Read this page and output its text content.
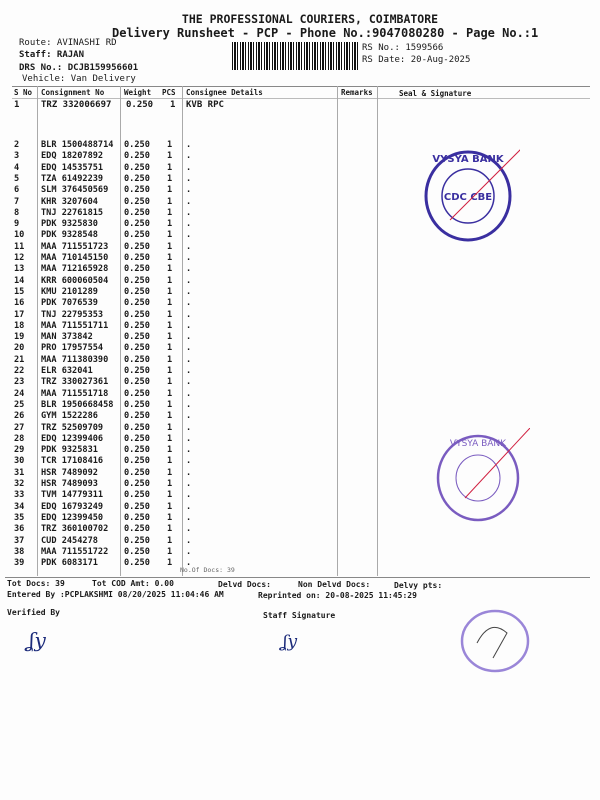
THE PROFESSIONAL COURIERS, COIMBATORE
Delivery Runsheet - PCP - Phone No.:9047080280 - Page No.:1
Route: AVINASHI RD
Staff: RAJAN
DRS No.: DCJB159956601
Vehicle: Van Delivery
RS No.: 1599566
RS Date: 20-Aug-2025
S No Consignment No	Weight PCS Consignee Details	Remarks	Seal & Signature
1 TRZ 332006697 0.250 1 KVB RPC
2	BLR 1500488714 0.250 1 .
3	EDQ 18207892 0.250 1 .
4	EDQ 14535751 0.250 1 .
5	TZA 61492239 0.250 1 .
6	SLM 376450569 0.250 1 .
7	KHR 3207604	0.250 1 .
8	TNJ 22761815 0.250 1 .
9	PDK 9325830	0.250 1 .
10 PDK 9328548	0.250 1 .
11 MAA 711551723 0.250 1 .
12 MAA 710145150 0.250 1 .
13 MAA 712165928 0.250 1 .
14 KRR 600060504 0.250 1 .
15 KMU 2101289	0.250 1 .
16 PDK 7076539	0.250 1 .
17 TNJ 22795353 0.250 1 .
18 MAA 711551711 0.250 1 .
19 MAN 373842	0.250 1 .
20 PRO 17957554 0.250 1 .
21 MAA 711380390 0.250 1 .
22 ELR 632041	0.250 1 .
23 TRZ 330027361 0.250 1 .
24 MAA 711551718 0.250 1 .
25 BLR 1950668458 0.250 1 .
26 GYM 1522286	0.250 1 .
27 TRZ 52509709 0.250 1 .
28 EDQ 12399406 0.250 1 .
29 PDK 9325831	0.250 1 .
30 TCR 17108416 0.250 1 .
31 HSR 7489092	0.250 1 .
32 HSR 7489093	0.250 1 .
33 TVM 14779311 0.250 1 .
34 EDQ 16793249 0.250 1 .
35 EDQ 12399450 0.250 1 .
36 TRZ 360100702 0.250 1 .
37 CUD 2454278	0.250 1 .
38 MAA 711551722 0.250 1 .
39 PDK 6083171	0.250 1 .
No.Of Docs: 39
Tot Docs: 39	Tot COD Amt: 0.00	Delvd Docs:	Non Delvd Docs:	Delvy pts:
Entered By :PCPLAKSHMI 08/20/2025 11:04:46 AM	Reprinted on: 20-08-2025 11:45:29
Verified By	Staff Signature
ʆy	ʆy
VYSYA BANK
CDC CBE
VYSYA BANK
